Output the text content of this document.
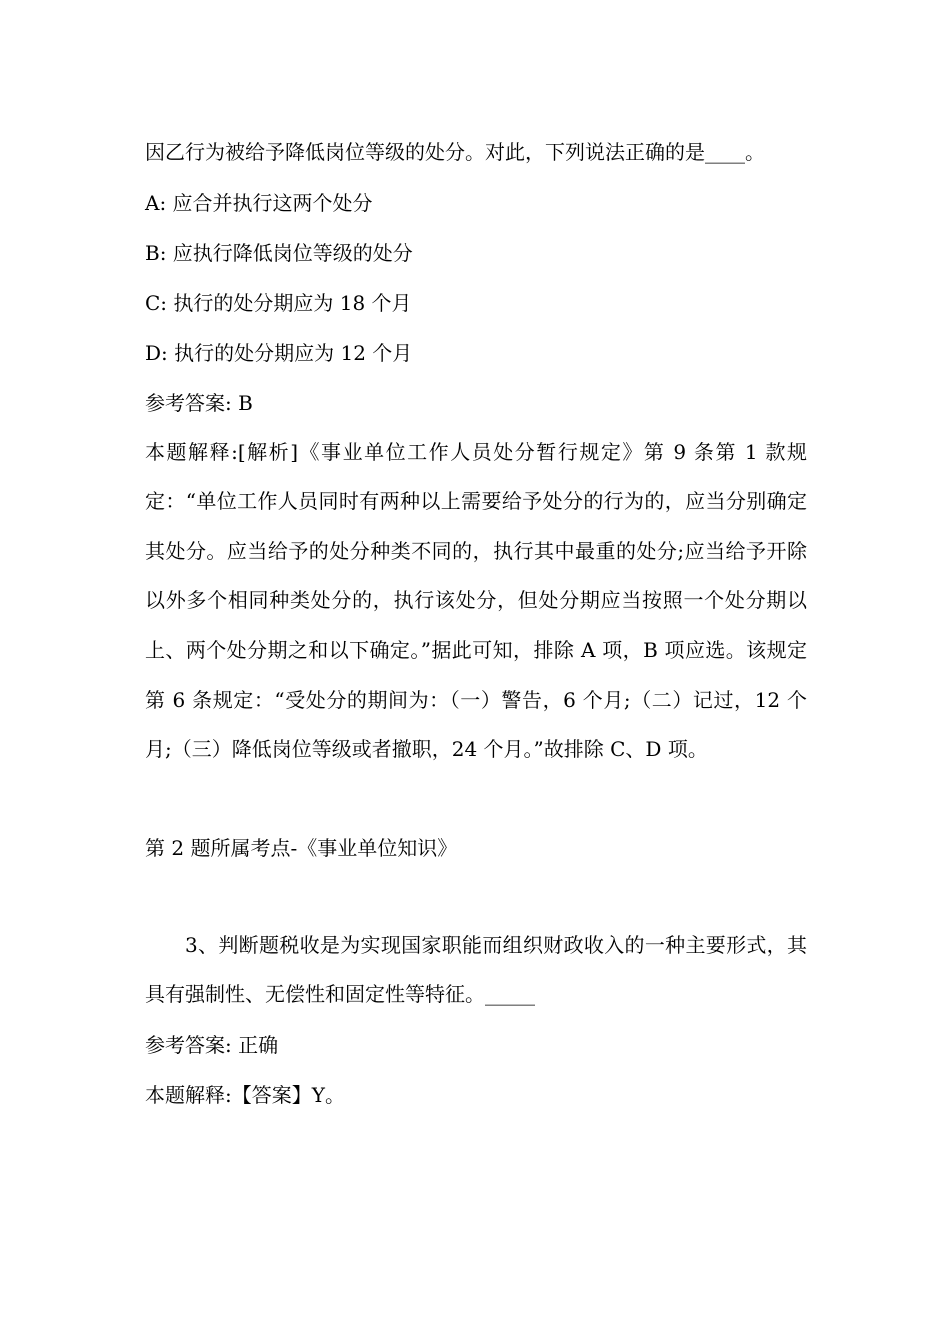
因乙行为被给予降低岗位等级的处分。对此，下列说法正确的是____。

A: 应合并执行这两个处分

B: 应执行降低岗位等级的处分

C: 执行的处分期应为 18 个月

D: 执行的处分期应为 12 个月

参考答案: B

本题解释:[解析]《事业单位工作人员处分暂行规定》第 9 条第 1 款规定：“单位工作人员同时有两种以上需要给予处分的行为的，应当分别确定其处分。应当给予的处分种类不同的，执行其中最重的处分;应当给予开除以外多个相同种类处分的，执行该处分，但处分期应当按照一个处分期以上、两个处分期之和以下确定。”据此可知，排除 A 项，B 项应选。该规定第 6 条规定：“受处分的期间为：（一）警告，6 个月;（二）记过，12 个月;（三）降低岗位等级或者撤职，24 个月。”故排除 C、D 项。

第 2 题所属考点-《事业单位知识》

3、判断题税收是为实现国家职能而组织财政收入的一种主要形式，其具有强制性、无偿性和固定性等特征。_____

参考答案: 正确

本题解释:【答案】Y。
